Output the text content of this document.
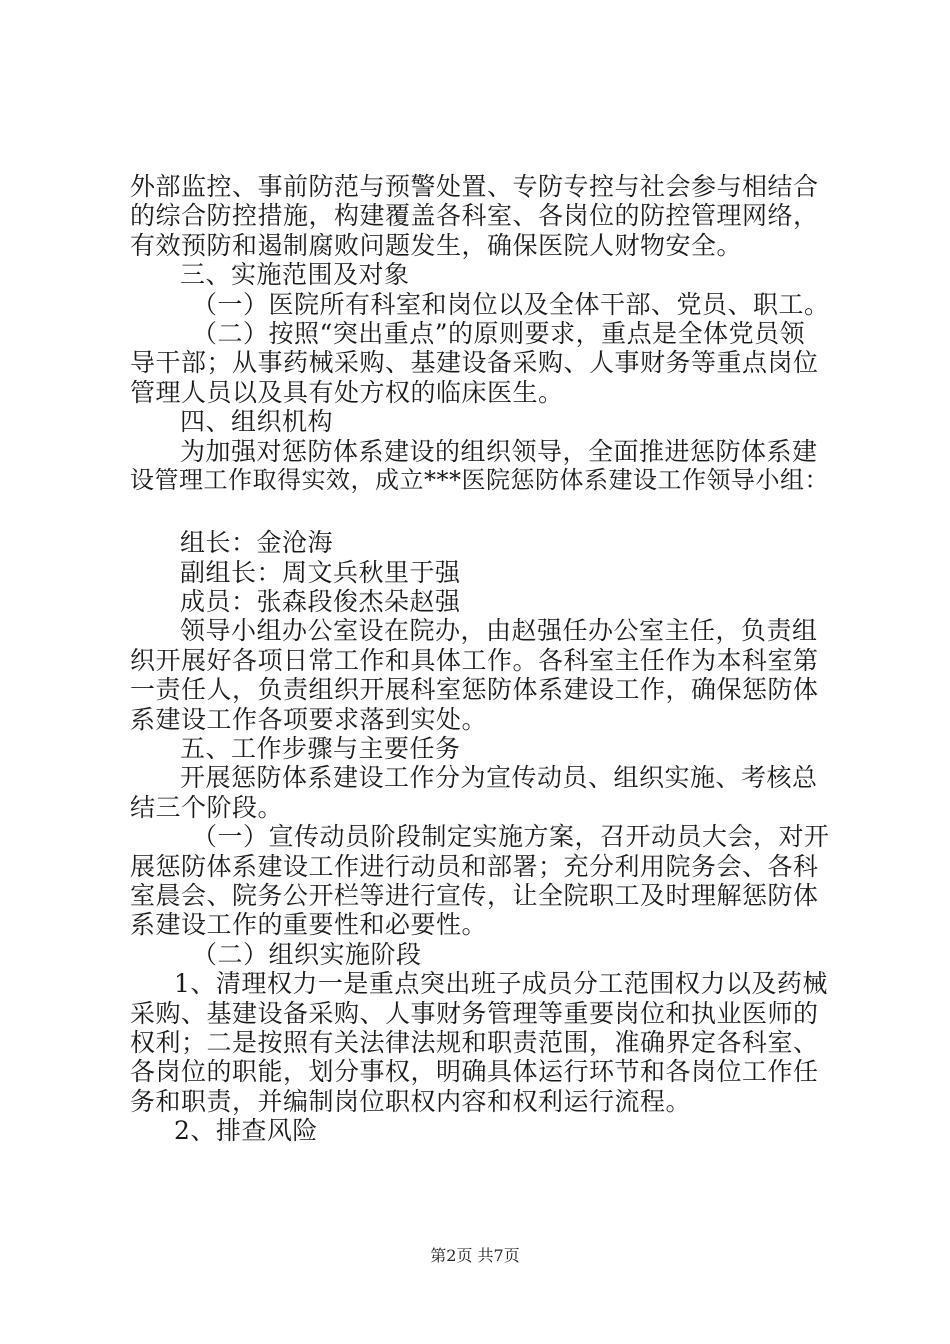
外部监控、事前防范与预警处置、专防专控与社会参与相结合
的综合防控措施，构建覆盖各科室、各岗位的防控管理网络，
有效预防和遏制腐败问题发生，确保医院人财物安全。
三、实施范围及对象
（一）医院所有科室和岗位以及全体干部、党员、职工。
（二）按照“突出重点”的原则要求，重点是全体党员领
导干部；从事药械采购、基建设备采购、人事财务等重点岗位
管理人员以及具有处方权的临床医生。
四、组织机构
为加强对惩防体系建设的组织领导，全面推进惩防体系建
设管理工作取得实效，成立***医院惩防体系建设工作领导小组：
组长：金沧海
副组长：周文兵秋里于强
成员：张森段俊杰朵赵强
领导小组办公室设在院办，由赵强任办公室主任，负责组
织开展好各项日常工作和具体工作。各科室主任作为本科室第
一责任人，负责组织开展科室惩防体系建设工作，确保惩防体
系建设工作各项要求落到实处。
五、工作步骤与主要任务
开展惩防体系建设工作分为宣传动员、组织实施、考核总
结三个阶段。
（一）宣传动员阶段制定实施方案，召开动员大会，对开
展惩防体系建设工作进行动员和部署；充分利用院务会、各科
室晨会、院务公开栏等进行宣传，让全院职工及时理解惩防体
系建设工作的重要性和必要性。
（二）组织实施阶段
1、清理权力一是重点突出班子成员分工范围权力以及药械
采购、基建设备采购、人事财务管理等重要岗位和执业医师的
权利；二是按照有关法律法规和职责范围，准确界定各科室、
各岗位的职能，划分事权，明确具体运行环节和各岗位工作任
务和职责，并编制岗位职权内容和权利运行流程。
2、排查风险
第2页 共7页
